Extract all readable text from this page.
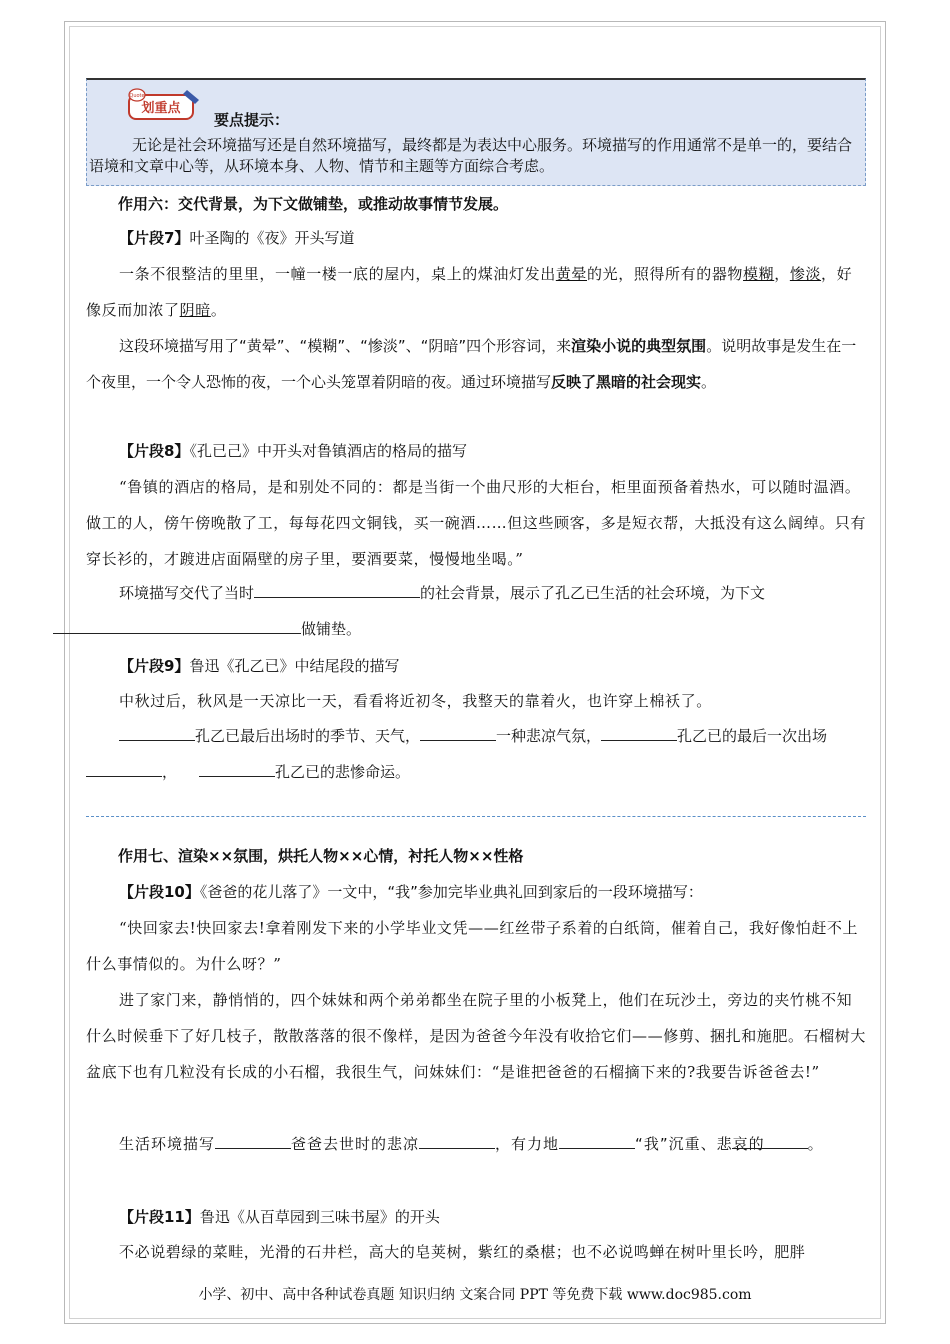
Quote
划重点
要点提示：
无论是社会环境描写还是自然环境描写，最终都是为表达中心服务。环境描写的作用通常不是单一的，要结合语境和文章中心等，从环境本身、人物、情节和主题等方面综合考虑。
作用六：交代背景，为下文做铺垫，或推动故事情节发展。
【片段7】叶圣陶的《夜》开头写道
一条不很整洁的里里，一幢一楼一底的屋内，桌上的煤油灯发出黄晕的光，照得所有的器物模糊，惨淡，好像反而加浓了阴暗。
这段环境描写用了“黄晕”、“模糊”、“惨淡”、“阴暗”四个形容词，来渲染小说的典型氛围。说明故事是发生在一个夜里，一个令人恐怖的夜，一个心头笼罩着阴暗的夜。通过环境描写反映了黑暗的社会现实。
【片段8】《孔已己》中开头对鲁镇酒店的格局的描写
“鲁镇的酒店的格局，是和别处不同的：都是当街一个曲尺形的大柜台，柜里面预备着热水，可以随时温酒。做工的人，傍午傍晚散了工，每每花四文铜钱，买一碗酒……但这些顾客，多是短衣帮，大抵没有这么阔绰。只有穿长衫的，才踱进店面隔壁的房子里，要酒要菜，慢慢地坐喝。”
环境描写交代了当时	的社会背景，展示了孔乙已生活的社会环境，为下文做铺垫。
【片段9】鲁迅《孔乙已》中结尾段的描写
中秋过后，秋风是一天凉比一天，看看将近初冬，我整天的靠着火，也许穿上棉袄了。
孔乙已最后出场时的季节、天气，	一种悲凉气氛，	孔乙已的最后一次出场，	孔乙已的悲惨命运。
作用七、渲染××氛围，烘托人物××心情，衬托人物××性格
【片段10】《爸爸的花儿落了》一文中，“我”参加完毕业典礼回到家后的一段环境描写：
“快回家去!快回家去!拿着刚发下来的小学毕业文凭——红丝带子系着的白纸筒，催着自己，我好像怕赶不上什么事情似的。为什么呀？”
进了家门来，静悄悄的，四个妹妹和两个弟弟都坐在院子里的小板凳上，他们在玩沙土，旁边的夹竹桃不知什么时候垂下了好几枝子，散散落落的很不像样，是因为爸爸今年没有收拾它们——修剪、捆扎和施肥。石榴树大盆底下也有几粒没有长成的小石榴，我很生气，问妹妹们：“是谁把爸爸的石榴摘下来的?我要告诉爸爸去!”
生活环境描写	爸爸去世时的悲凉	，有力地	“我”沉重、悲哀的	。
【片段11】鲁迅《从百草园到三味书屋》的开头
不必说碧绿的菜畦，光滑的石井栏，高大的皂荚树，紫红的桑椹；也不必说鸣蝉在树叶里长吟，肥胖
小学、初中、高中各种试卷真题 知识归纳 文案合同 PPT 等免费下载 www.doc985.com
